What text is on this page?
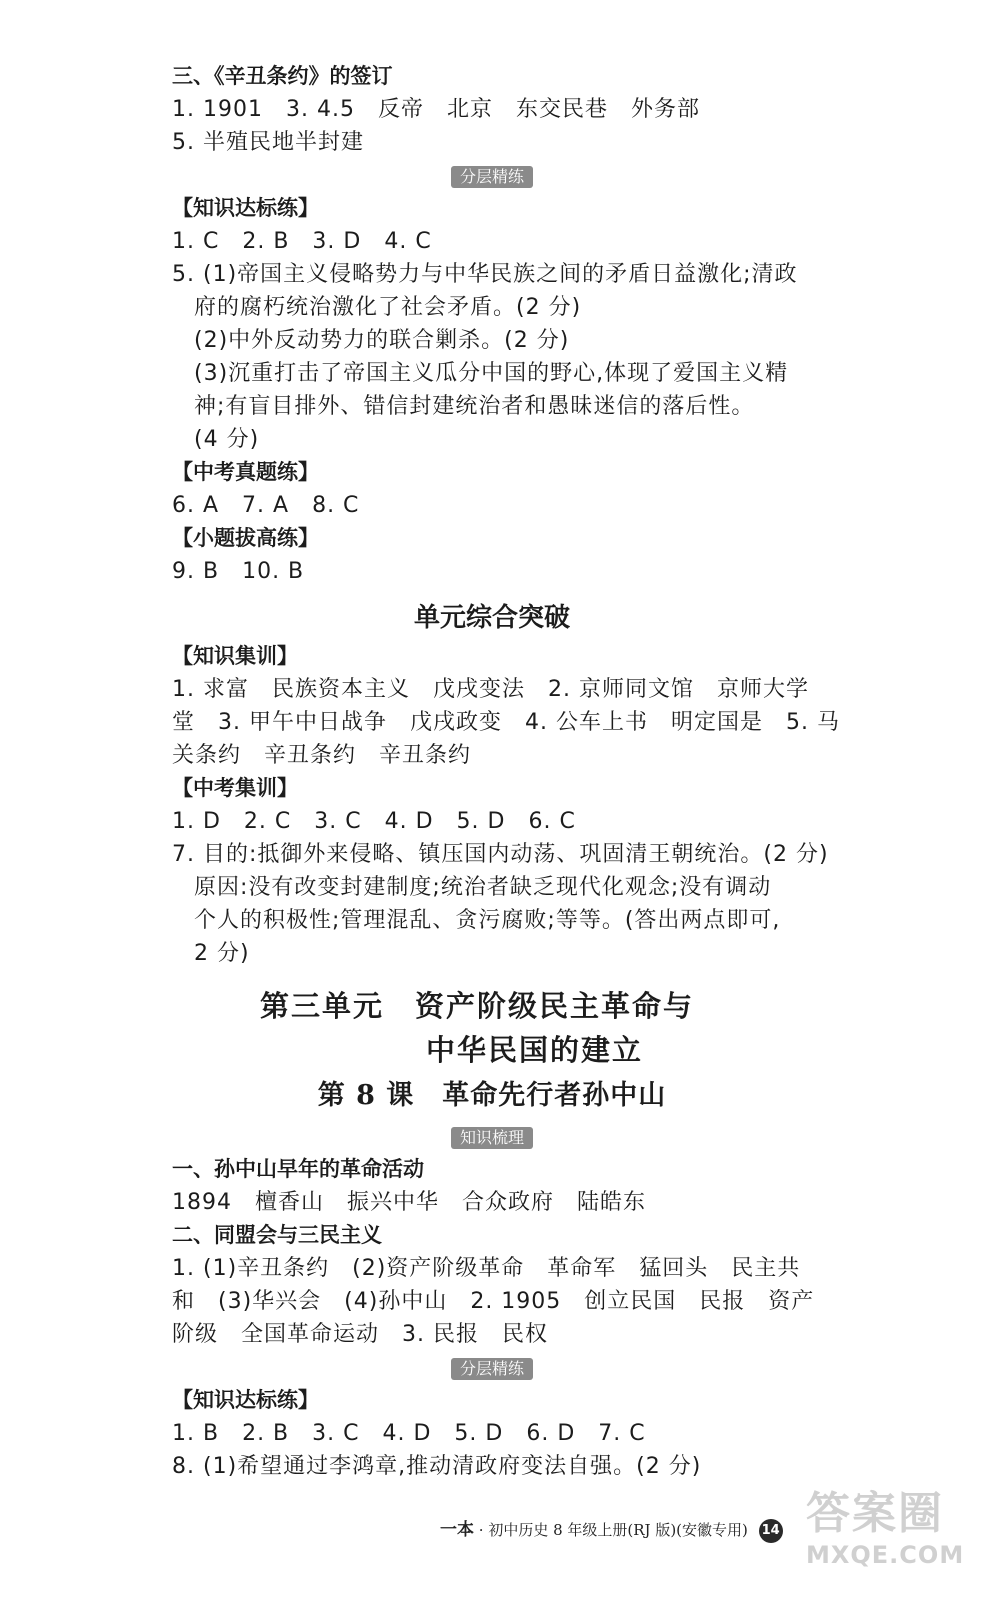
三、《辛丑条约》的签订
1. 1901　3. 4.5　反帝　北京　东交民巷　外务部
5. 半殖民地半封建
分层精练
【知识达标练】
1. C　2. B　3. D　4. C
5. (1)帝国主义侵略势力与中华民族之间的矛盾日益激化;清政
府的腐朽统治激化了社会矛盾。(2 分)
(2)中外反动势力的联合剿杀。(2 分)
(3)沉重打击了帝国主义瓜分中国的野心,体现了爱国主义精
神;有盲目排外、错信封建统治者和愚昧迷信的落后性。
(4 分)
【中考真题练】
6. A　7. A　8. C
【小题拔高练】
9. B　10. B
单元综合突破
【知识集训】
1. 求富　民族资本主义　戊戌变法　2. 京师同文馆　京师大学
堂　3. 甲午中日战争　戊戌政变　4. 公车上书　明定国是　5. 马
关条约　辛丑条约　辛丑条约
【中考集训】
1. D　2. C　3. C　4. D　5. D　6. C
7. 目的:抵御外来侵略、镇压国内动荡、巩固清王朝统治。(2 分)
原因:没有改变封建制度;统治者缺乏现代化观念;没有调动
个人的积极性;管理混乱、贪污腐败;等等。(答出两点即可,
2 分)
第三单元　资产阶级民主革命与
中华民国的建立
第 8 课　革命先行者孙中山
知识梳理
一、孙中山早年的革命活动
1894　檀香山　振兴中华　合众政府　陆皓东
二、同盟会与三民主义
1. (1)辛丑条约　(2)资产阶级革命　革命军　猛回头　民主共
和　(3)华兴会　(4)孙中山　2. 1905　创立民国　民报　资产
阶级　全国革命运动　3. 民报　民权
分层精练
【知识达标练】
1. B　2. B　3. C　4. D　5. D　6. D　7. C
8. (1)希望通过李鸿章,推动清政府变法自强。(2 分)
一本 · 初中历史 8 年级上册(RJ 版)(安徽专用) 14 答案圈
MXQE.COM
